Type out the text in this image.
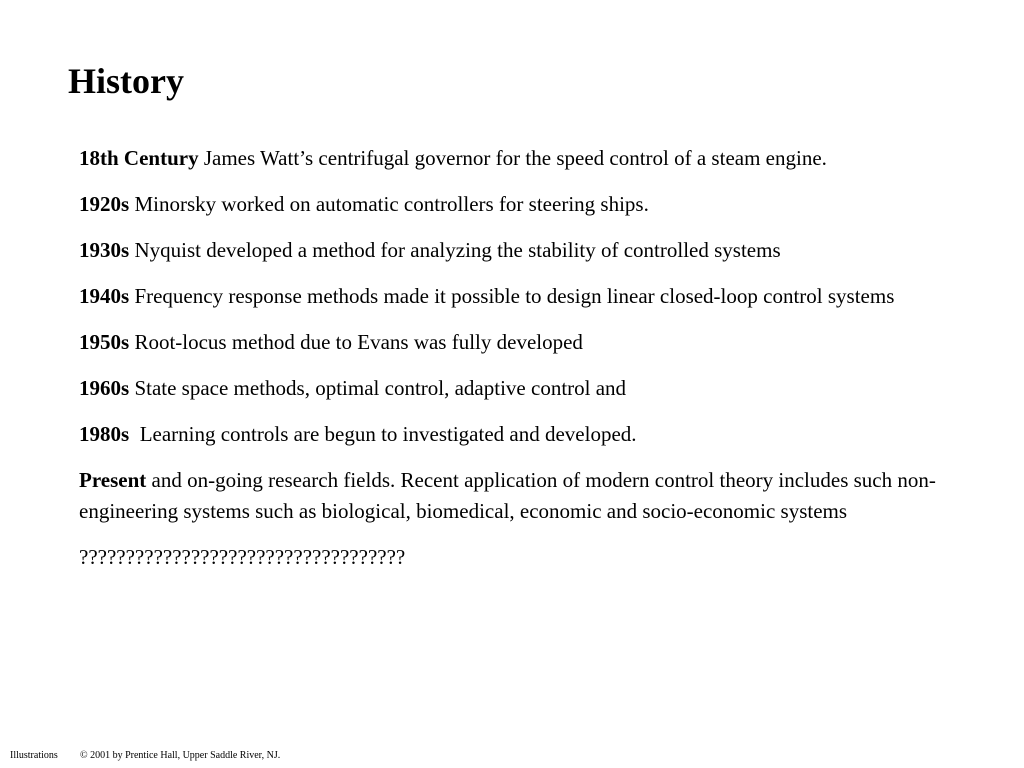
History
18th Century James Watt’s centrifugal governor for the speed control of a steam engine.
1920s Minorsky worked on automatic controllers for steering ships.
1930s Nyquist developed a method for analyzing the stability of controlled systems
1940s Frequency response methods made it possible to design linear closed-loop control systems
1950s Root-locus method due to Evans was fully developed
1960s State space methods, optimal control, adaptive control and
1980s  Learning controls are begun to investigated and developed.
Present and on-going research fields. Recent application of modern control theory includes such non-engineering systems such as biological, biomedical, economic and socio-economic systems
???????????????????????????????????
Illustrations © 2001 by Prentice Hall, Upper Saddle River, NJ.
